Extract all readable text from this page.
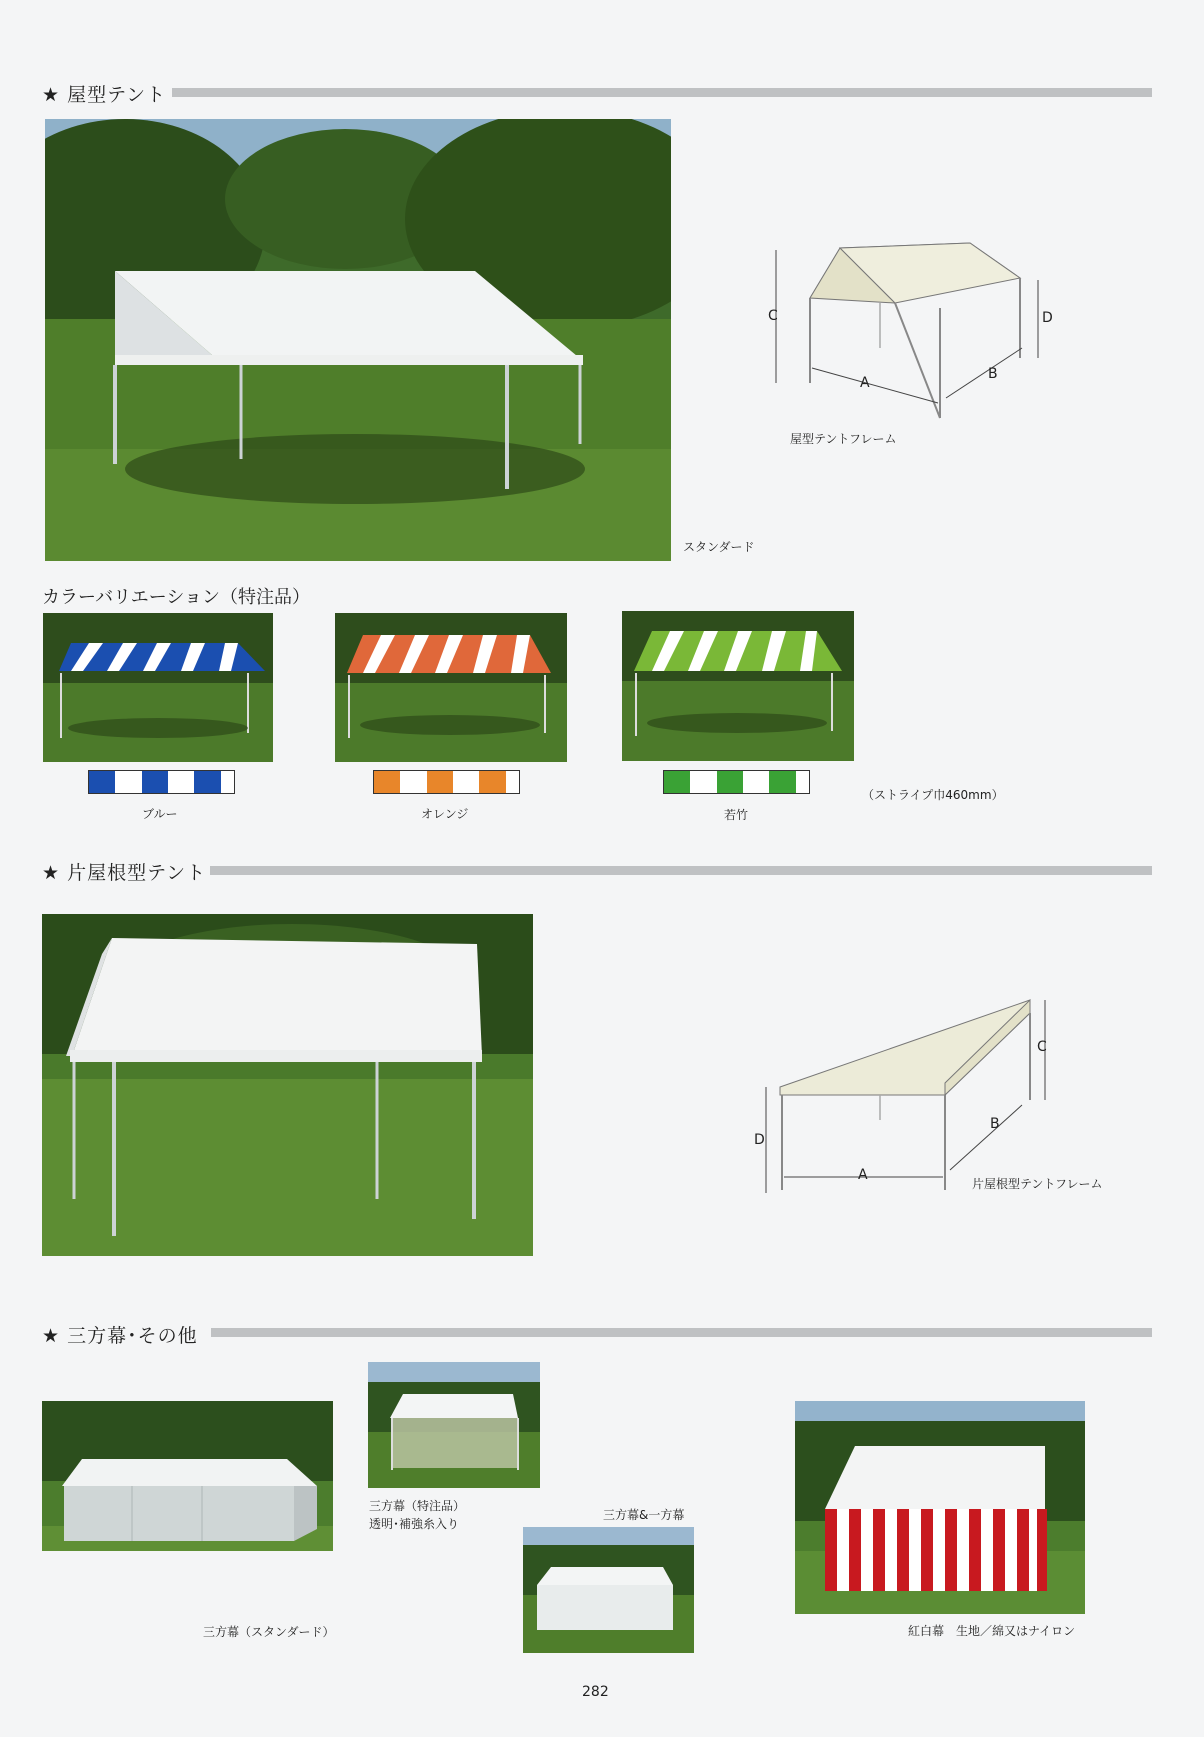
★ 屋型テント
スタンダード
C	D
A
B
屋型テントフレーム
カラーバリエーション（特注品）
ブルー	オレンジ	若竹
（ストライプ巾460mm）
★ 片屋根型テント
D
C
A
B
片屋根型テントフレーム
★ 三方幕･その他
三方幕（スタンダード）
三方幕（特注品）
透明･補強糸入り
三方幕&一方幕
紅白幕　生地／綿又はナイロン
282
